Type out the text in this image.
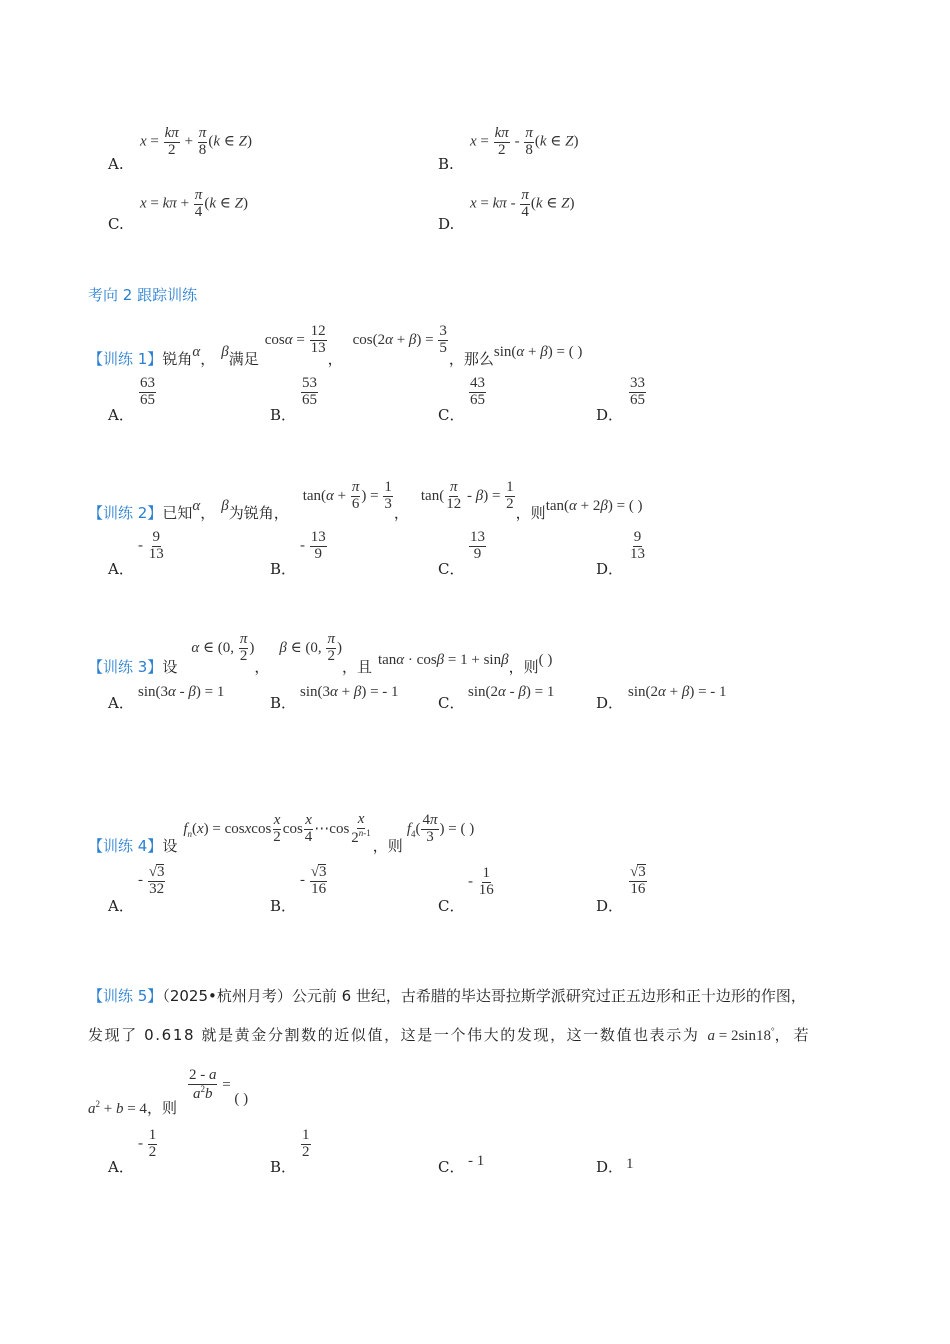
A.
$x = \frac{k\pi}{2} + \frac{\pi}{8} (k$ ∈ Z)
B.
$x = \frac{k\pi}{2} - \frac{\pi}{8} (k$ ∈ Z)
C.
$x = k\pi + \frac{\pi}{4} (k$ ∈ Z)
D.
$x = k\pi - \frac{\pi}{4} (k$ ∈ Z)
考向 2 跟踪训练
【训练 1】锐角α， β满足$\cos\alpha = \frac{12}{13}$
，$\cos(2\alpha + \beta) = \frac{3}{5}$
，那么sin(α + β) = ( )
A．
$\frac{63}{65}$
B．
$\frac{53}{65}$
C．
$\frac{43}{65}$
D．
$\frac{33}{65}$
【训练 2】已知α， β为锐角，$\tan(\alpha + \frac{\pi}{6}$ ) = $\frac{1}{3}$
，$\tan( \frac{\pi}{12} - \beta) = \frac{1}{2}$
，则tan(α + 2β) = ( )
A．
- $\frac{9}{13}$
B．
- $\frac{13}{9}$
C．
$\frac{13}{9}$
D．
$\frac{9}{13}$
【训练 3】设α ∈ (0, $\frac{\pi}{2}$ )，β ∈ (0, $\frac{\pi}{2}$ )，且 tanα · cosβ = 1 + sinβ，则( )
A．
sin(3α - β) = 1
B．
sin(3α + β) = - 1
C．
sin(2α - β) = 1
D．
sin(2α + β) = - 1
【训练 4】设$f_n(x)$ = cosxcos $\frac{x}{2}$ $\cos \frac{x}{4}$ ⋯cos $\frac{x}{2^{n-1}}$ ，则$f_4( \frac{4\pi}{3}$ ) = ( )
A．
- $\frac{√3}{32}$
B．
- $\frac{√3}{16}$
C．
- $\frac{1}{16}$
D．
$\frac{√3}{16}$
【训练 5】（2025•杭州月考）公元前 6 世纪，古希腊的毕达哥拉斯学派研究过正五边形和正十边形的作图，
发现了 0.618 就是黄金分割数的近似值，这是一个伟大的发现，这一数值也表示为 a = 2sin18°，若
$a^2 + b = 4$，则
$\frac{2 - a}{a^2b}$ = ( )
A．
- $\frac{1}{2}$
B．
$\frac{1}{2}$
C． - 1	D． 1
